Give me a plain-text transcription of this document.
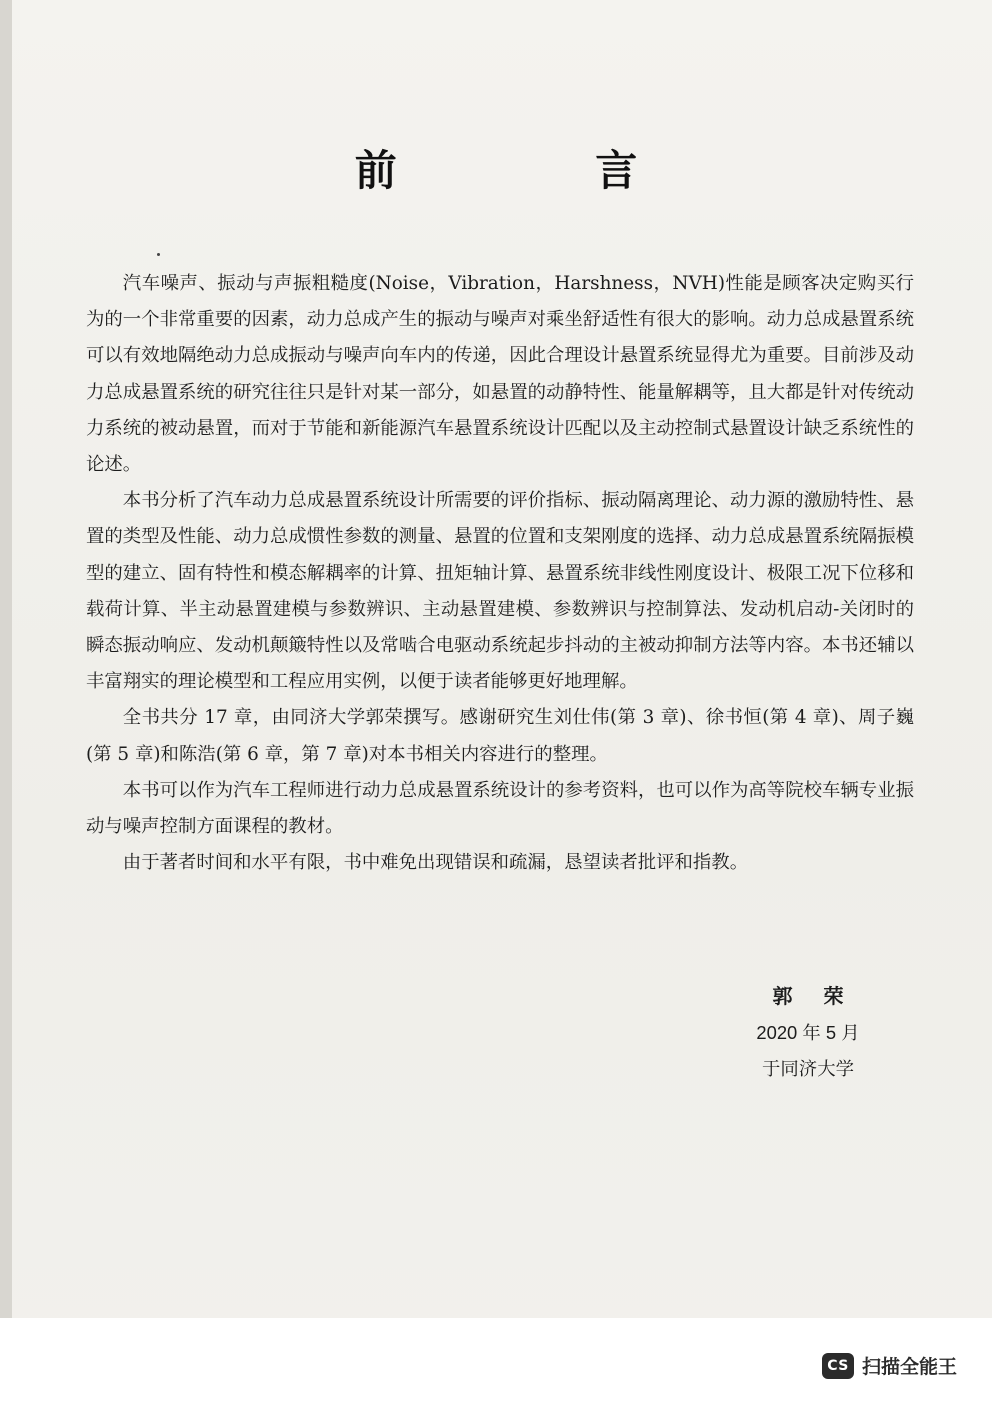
前 言

汽车噪声、振动与声振粗糙度(Noise，Vibration，Harshness，NVH)性能是顾客决定购买行为的一个非常重要的因素，动力总成产生的振动与噪声对乘坐舒适性有很大的影响。动力总成悬置系统可以有效地隔绝动力总成振动与噪声向车内的传递，因此合理设计悬置系统显得尤为重要。目前涉及动力总成悬置系统的研究往往只是针对某一部分，如悬置的动静特性、能量解耦等，且大都是针对传统动力系统的被动悬置，而对于节能和新能源汽车悬置系统设计匹配以及主动控制式悬置设计缺乏系统性的论述。

本书分析了汽车动力总成悬置系统设计所需要的评价指标、振动隔离理论、动力源的激励特性、悬置的类型及性能、动力总成惯性参数的测量、悬置的位置和支架刚度的选择、动力总成悬置系统隔振模型的建立、固有特性和模态解耦率的计算、扭矩轴计算、悬置系统非线性刚度设计、极限工况下位移和载荷计算、半主动悬置建模与参数辨识、主动悬置建模、参数辨识与控制算法、发动机启动-关闭时的瞬态振动响应、发动机颠簸特性以及常啮合电驱动系统起步抖动的主被动抑制方法等内容。本书还辅以丰富翔实的理论模型和工程应用实例，以便于读者能够更好地理解。

全书共分 17 章，由同济大学郭荣撰写。感谢研究生刘仕伟(第 3 章)、徐书恒(第 4 章)、周子巍(第 5 章)和陈浩(第 6 章，第 7 章)对本书相关内容进行的整理。

本书可以作为汽车工程师进行动力总成悬置系统设计的参考资料，也可以作为高等院校车辆专业振动与噪声控制方面课程的教材。

由于著者时间和水平有限，书中难免出现错误和疏漏，恳望读者批评和指教。

郭 荣
2020 年 5 月
于同济大学
CS 扫描全能王
